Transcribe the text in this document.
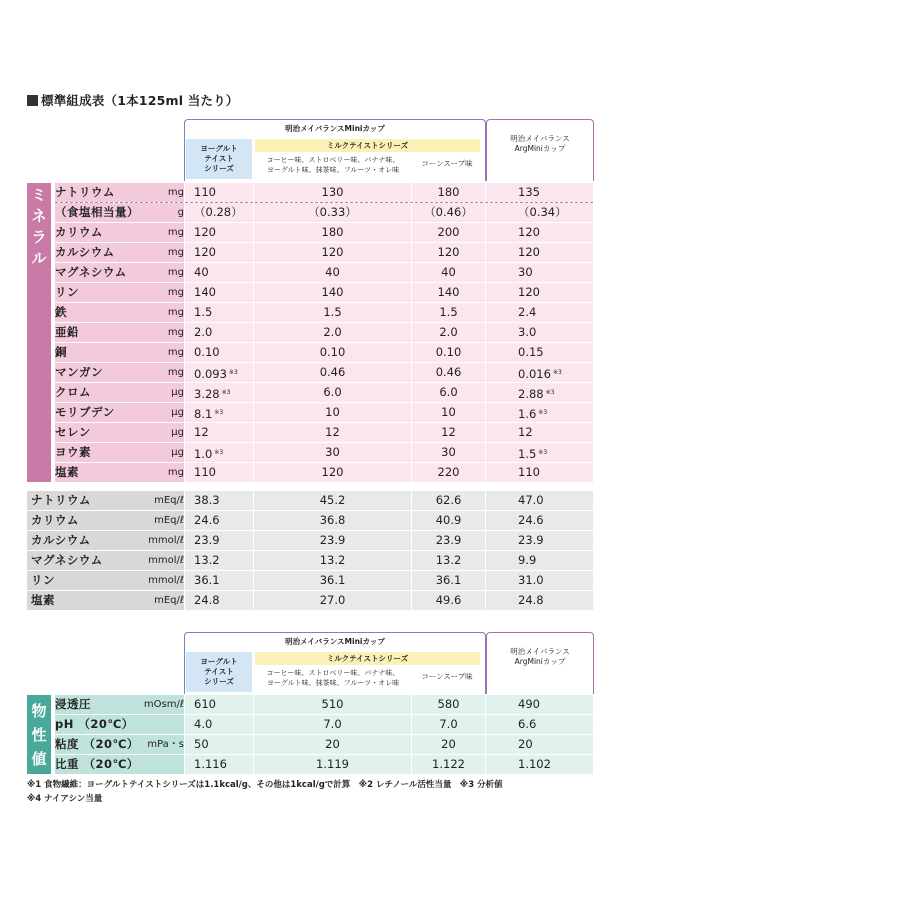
標準組成表（1本125ml 当たり）
明治メイバランスMiniカップ
ヨーグルト
テイスト
シリーズ
ミルクテイストシリーズ
コーヒー味、ストロベリー味、バナナ味、
ヨーグルト味、抹茶味、フルーツ・オレ味
コーンスープ味
明治メイバランス
ArgMiniカップ
ナトリウム	mg 110	130	180	135
（食塩相当量）	g （0.28）	（0.33）	（0.46）	（0.34）
カリウム	mg 120	180	200	120
カルシウム	mg 120	120	120	120
マグネシウム	mg 40	40	40	30
リン	mg 140	140	140	120
鉄	mg 1.5	1.5	1.5	2.4
亜鉛	mg 2.0	2.0	2.0	3.0
銅	mg 0.10	0.10	0.10	0.15
マンガン	mg 0.093 $^{※3}$	0.46	0.46	0.016 $^{※3}$
クロム	μg 3.28 $^{※3}$	6.0	6.0	2.88 $^{※3}$
モリブデン	μg 8.1 $^{※3}$	10	10	1.6 $^{※3}$
セレン	μg 12	12	12	12
ヨウ素	μg 1.0 $^{※3}$	30	30	1.5 $^{※3}$
塩素	mg 110	120	220	110
ミ
ネ
ラ
ル
ナトリウム	mEq/ℓ 38.3	45.2	62.6	47.0
カリウム	mEq/ℓ 24.6	36.8	40.9	24.6
カルシウム	mmol/ℓ 23.9	23.9	23.9	23.9
マグネシウム	mmol/ℓ 13.2	13.2	13.2	9.9
リン	mmol/ℓ 36.1	36.1	36.1	31.0
塩素	mEq/ℓ 24.8	27.0	49.6	24.8
明治メイバランスMiniカップ
ヨーグルト
テイスト
シリーズ
ミルクテイストシリーズ
コーヒー味、ストロベリー味、バナナ味、
ヨーグルト味、抹茶味、フルーツ・オレ味
コーンスープ味
明治メイバランス
ArgMiniカップ
浸透圧	mOsm/ℓ 610	510	580	490
pH （20℃）	4.0	7.0	7.0	6.6
粘度 （20℃） mPa・s 50	20	20	20
比重 （20℃）	1.116	1.119	1.122	1.102
物
性
値
※1 食物繊維：ヨーグルトテイストシリーズは1.1kcal/g、その他は1kcal/gで計算　※2 レチノール活性当量　※3 分析値
※4 ナイアシン当量
